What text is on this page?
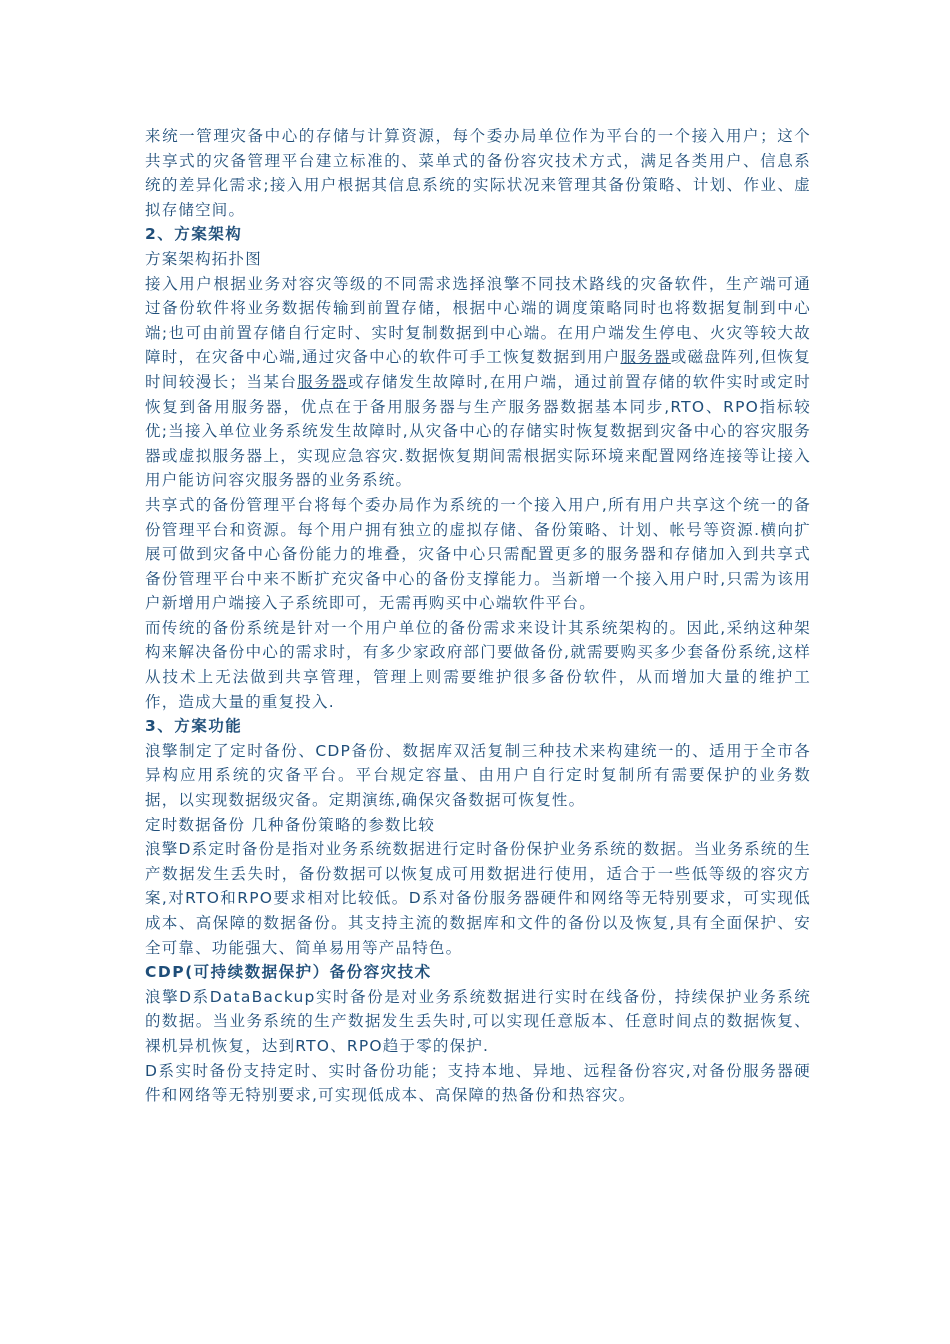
来统一管理灾备中心的存储与计算资源，每个委办局单位作为平台的一个接入用户；这个共享式的灾备管理平台建立标准的、菜单式的备份容灾技术方式，满足各类用户、信息系统的差异化需求;接入用户根据其信息系统的实际状况来管理其备份策略、计划、作业、虚拟存储空间。

2、方案架构

方案架构拓扑图

接入用户根据业务对容灾等级的不同需求选择浪擎不同技术路线的灾备软件，生产端可通过备份软件将业务数据传输到前置存储，根据中心端的调度策略同时也将数据复制到中心端;也可由前置存储自行定时、实时复制数据到中心端。在用户端发生停电、火灾等较大故障时，在灾备中心端,通过灾备中心的软件可手工恢复数据到用户服务器或磁盘阵列,但恢复时间较漫长；当某台服务器或存储发生故障时,在用户端，通过前置存储的软件实时或定时恢复到备用服务器，优点在于备用服务器与生产服务器数据基本同步,RTO、RPO指标较优;当接入单位业务系统发生故障时,从灾备中心的存储实时恢复数据到灾备中心的容灾服务器或虚拟服务器上，实现应急容灾.数据恢复期间需根据实际环境来配置网络连接等让接入用户能访问容灾服务器的业务系统。

共享式的备份管理平台将每个委办局作为系统的一个接入用户,所有用户共享这个统一的备份管理平台和资源。每个用户拥有独立的虚拟存储、备份策略、计划、帐号等资源.横向扩展可做到灾备中心备份能力的堆叠，灾备中心只需配置更多的服务器和存储加入到共享式备份管理平台中来不断扩充灾备中心的备份支撑能力。当新增一个接入用户时,只需为该用户新增用户端接入子系统即可，无需再购买中心端软件平台。

而传统的备份系统是针对一个用户单位的备份需求来设计其系统架构的。因此,采纳这种架构来解决备份中心的需求时，有多少家政府部门要做备份,就需要购买多少套备份系统,这样从技术上无法做到共享管理，管理上则需要维护很多备份软件，从而增加大量的维护工作，造成大量的重复投入.

3、方案功能

浪擎制定了定时备份、CDP备份、数据库双活复制三种技术来构建统一的、适用于全市各异构应用系统的灾备平台。平台规定容量、由用户自行定时复制所有需要保护的业务数据，以实现数据级灾备。定期演练,确保灾备数据可恢复性。

定时数据备份 几种备份策略的参数比较

浪擎D系定时备份是指对业务系统数据进行定时备份保护业务系统的数据。当业务系统的生产数据发生丢失时，备份数据可以恢复成可用数据进行使用，适合于一些低等级的容灾方案,对RTO和RPO要求相对比较低。D系对备份服务器硬件和网络等无特别要求，可实现低成本、高保障的数据备份。其支持主流的数据库和文件的备份以及恢复,具有全面保护、安全可靠、功能强大、简单易用等产品特色。

CDP(可持续数据保护）备份容灾技术

浪擎D系DataBackup实时备份是对业务系统数据进行实时在线备份，持续保护业务系统的数据。当业务系统的生产数据发生丢失时,可以实现任意版本、任意时间点的数据恢复、裸机异机恢复，达到RTO、RPO趋于零的保护.

D系实时备份支持定时、实时备份功能；支持本地、异地、远程备份容灾,对备份服务器硬件和网络等无特别要求,可实现低成本、高保障的热备份和热容灾。
